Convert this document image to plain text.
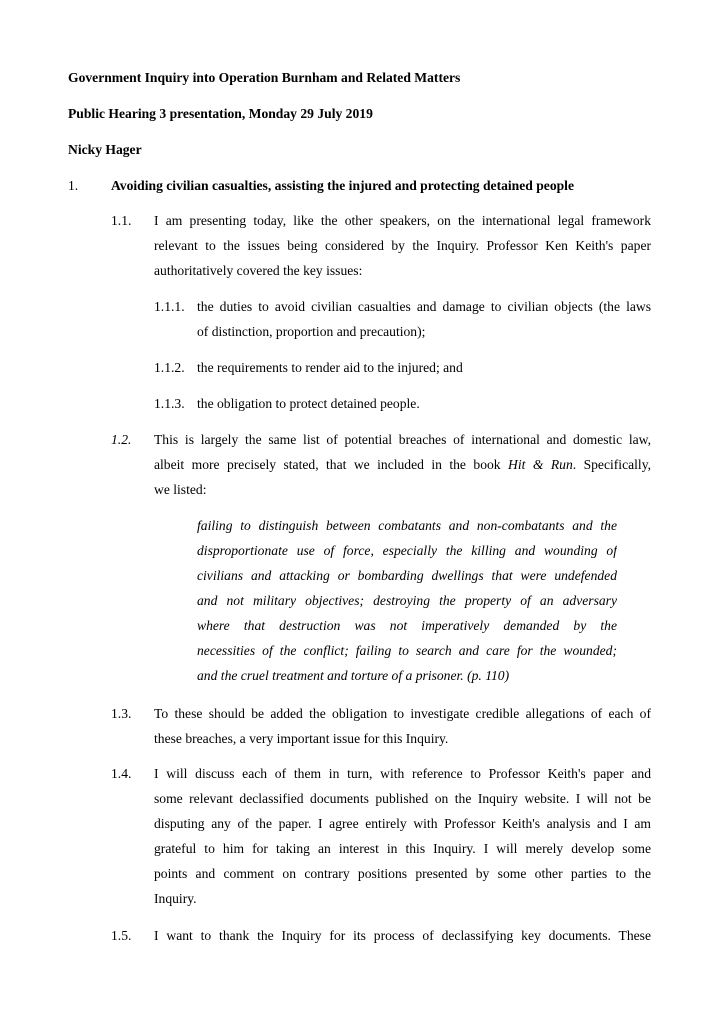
Government Inquiry into Operation Burnham and Related Matters
Public Hearing 3 presentation, Monday 29 July 2019
Nicky Hager
1. Avoiding civilian casualties, assisting the injured and protecting detained people
1.1. I am presenting today, like the other speakers, on the international legal framework
relevant to the issues being considered by the Inquiry. Professor Ken Keith's paper
authoritatively covered the key issues:
1.1.1. the duties to avoid civilian casualties and damage to civilian objects (the laws
of distinction, proportion and precaution);
1.1.2. the requirements to render aid to the injured; and
1.1.3. the obligation to protect detained people.
1.2. This is largely the same list of potential breaches of international and domestic law,
albeit more precisely stated, that we included in the book Hit & Run. Specifically,
we listed:
failing to distinguish between combatants and non-combatants and the
disproportionate use of force, especially the killing and wounding of
civilians and attacking or bombarding dwellings that were undefended
and not military objectives; destroying the property of an adversary
where that destruction was not imperatively demanded by the
necessities of the conflict; failing to search and care for the wounded;
and the cruel treatment and torture of a prisoner. (p. 110)
1.3. To these should be added the obligation to investigate credible allegations of each of
these breaches, a very important issue for this Inquiry.
1.4. I will discuss each of them in turn, with reference to Professor Keith's paper and
some relevant declassified documents published on the Inquiry website. I will not be
disputing any of the paper. I agree entirely with Professor Keith's analysis and I am
grateful to him for taking an interest in this Inquiry. I will merely develop some
points and comment on contrary positions presented by some other parties to the
Inquiry.
1.5. I want to thank the Inquiry for its process of declassifying key documents. These
